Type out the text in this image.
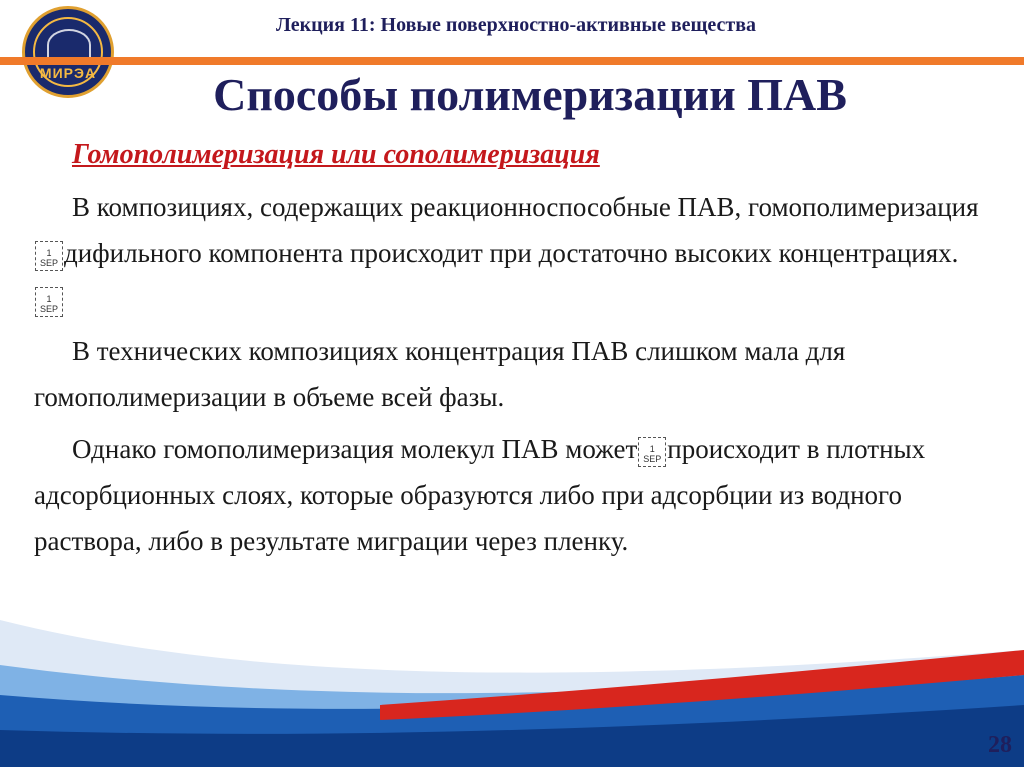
МИРЭА
Лекция 11: Новые поверхностно-активные вещества
Способы полимеризации ПАВ
Гомополимеризация или сополимеризация

В композициях, содержащих реакционноспособные ПАВ, гомополимеризация1
SEP дифильного компонента происходит при достаточно высоких концентрациях.1
SEP

В технических композициях концентрация ПАВ слишком мала для гомополимеризации в объеме всей фазы.

Однако гомополимеризация молекул ПАВ может 1
SEP происходит в плотных адсорбционных слоях, которые образуются либо при адсорбции из водного раствора, либо в результате миграции через пленку.

28
